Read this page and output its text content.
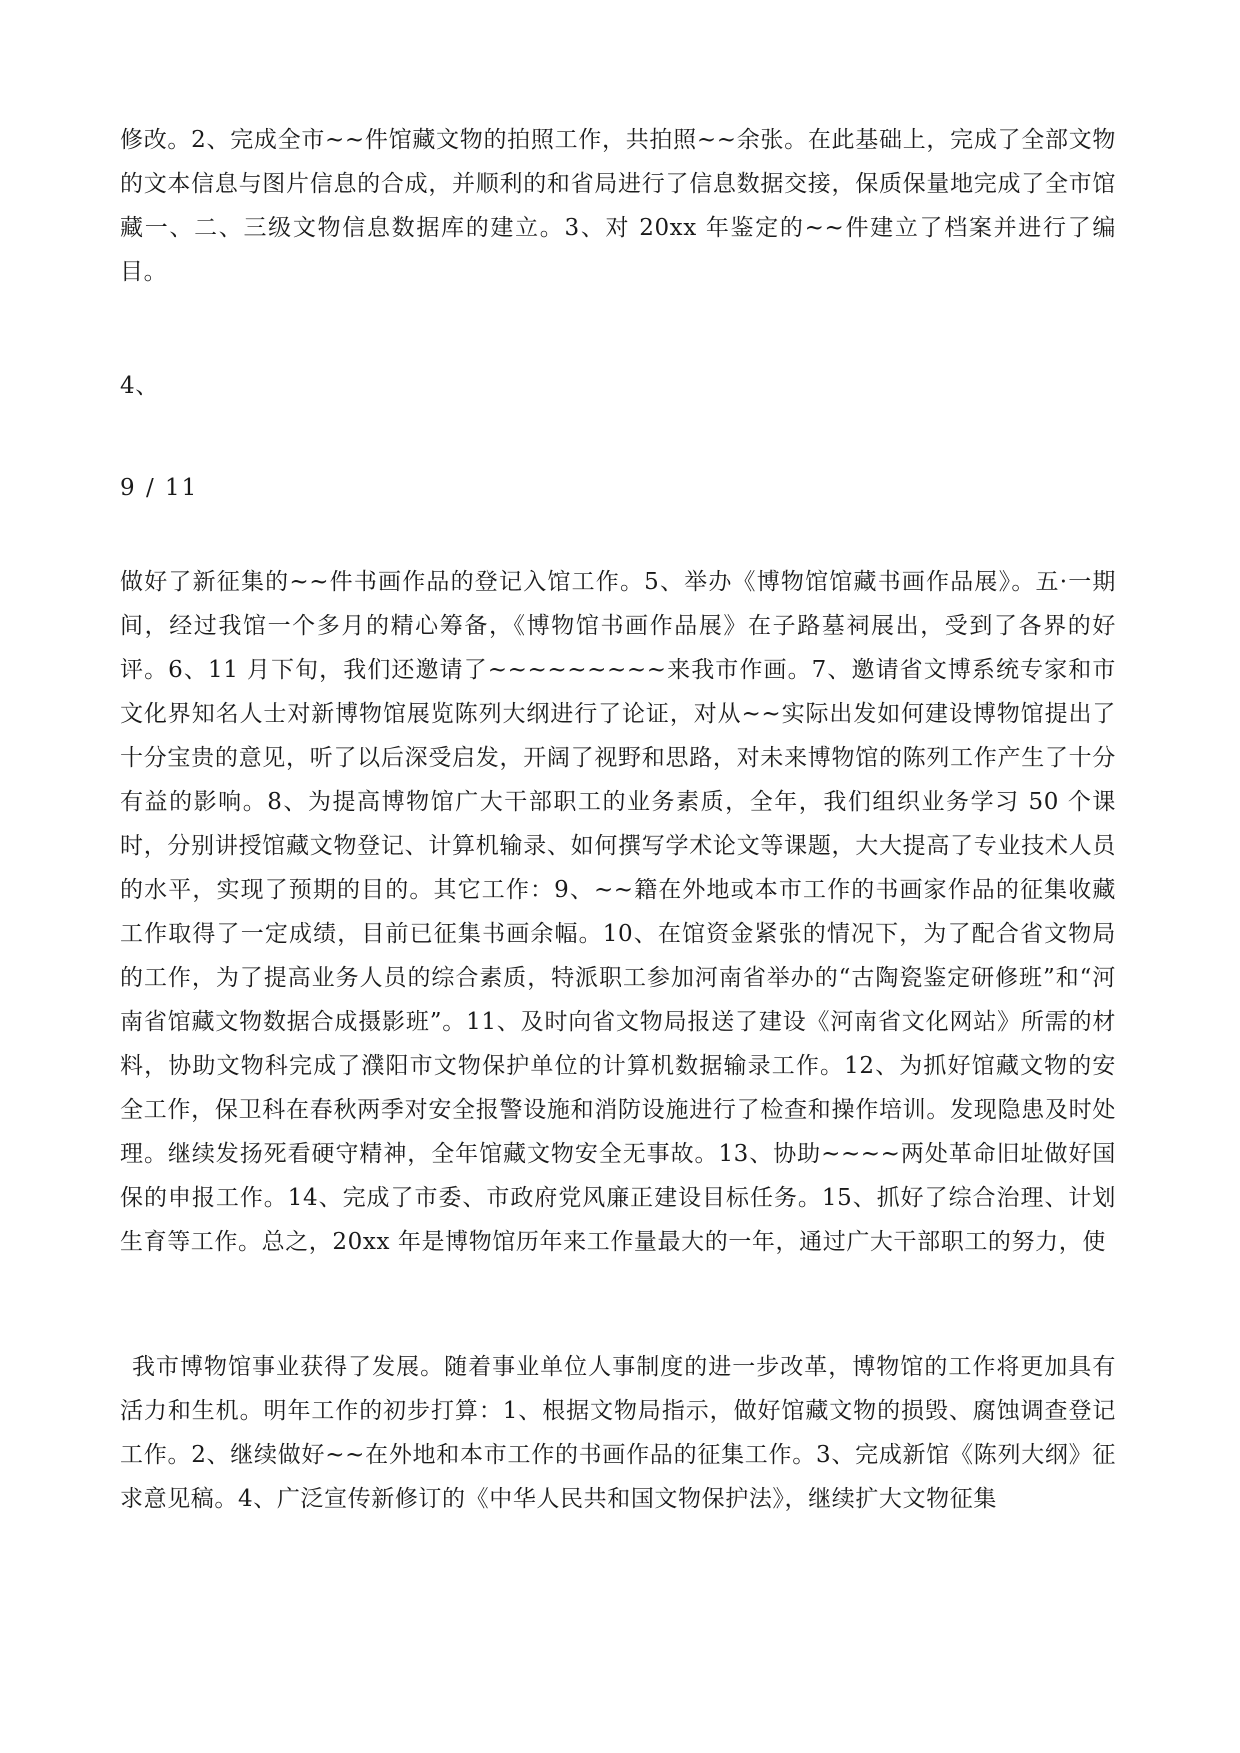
修改。2、完成全市~~件馆藏文物的拍照工作，共拍照~~余张。在此基础上，完成了全部文物的文本信息与图片信息的合成，并顺利的和省局进行了信息数据交接，保质保量地完成了全市馆藏一、二、三级文物信息数据库的建立。3、对 20xx 年鉴定的~~件建立了档案并进行了编目。
4、
9 / 11
做好了新征集的~~件书画作品的登记入馆工作。5、举办《博物馆馆藏书画作品展》。五·一期间，经过我馆一个多月的精心筹备，《博物馆书画作品展》在子路墓祠展出，受到了各界的好评。6、11 月下旬，我们还邀请了~~~~~~~~~来我市作画。7、邀请省文博系统专家和市文化界知名人士对新博物馆展览陈列大纲进行了论证，对从~~实际出发如何建设博物馆提出了十分宝贵的意见，听了以后深受启发，开阔了视野和思路，对未来博物馆的陈列工作产生了十分有益的影响。8、为提高博物馆广大干部职工的业务素质，全年，我们组织业务学习 50 个课时，分别讲授馆藏文物登记、计算机输录、如何撰写学术论文等课题，大大提高了专业技术人员的水平，实现了预期的目的。其它工作：9、~~籍在外地或本市工作的书画家作品的征集收藏工作取得了一定成绩，目前已征集书画余幅。10、在馆资金紧张的情况下，为了配合省文物局的工作，为了提高业务人员的综合素质，特派职工参加河南省举办的“古陶瓷鉴定研修班”和“河南省馆藏文物数据合成摄影班”。11、及时向省文物局报送了建设《河南省文化网站》所需的材料，协助文物科完成了濮阳市文物保护单位的计算机数据输录工作。12、为抓好馆藏文物的安全工作，保卫科在春秋两季对安全报警设施和消防设施进行了检查和操作培训。发现隐患及时处理。继续发扬死看硬守精神，全年馆藏文物安全无事故。13、协助~~~~两处革命旧址做好国保的申报工作。14、完成了市委、市政府党风廉正建设目标任务。15、抓好了综合治理、计划生育等工作。总之，20xx 年是博物馆历年来工作量最大的一年，通过广大干部职工的努力，使
我市博物馆事业获得了发展。随着事业单位人事制度的进一步改革，博物馆的工作将更加具有活力和生机。明年工作的初步打算：1、根据文物局指示，做好馆藏文物的损毁、腐蚀调查登记工作。2、继续做好~~在外地和本市工作的书画作品的征集工作。3、完成新馆《陈列大纲》征求意见稿。4、广泛宣传新修订的《中华人民共和国文物保护法》，继续扩大文物征集
